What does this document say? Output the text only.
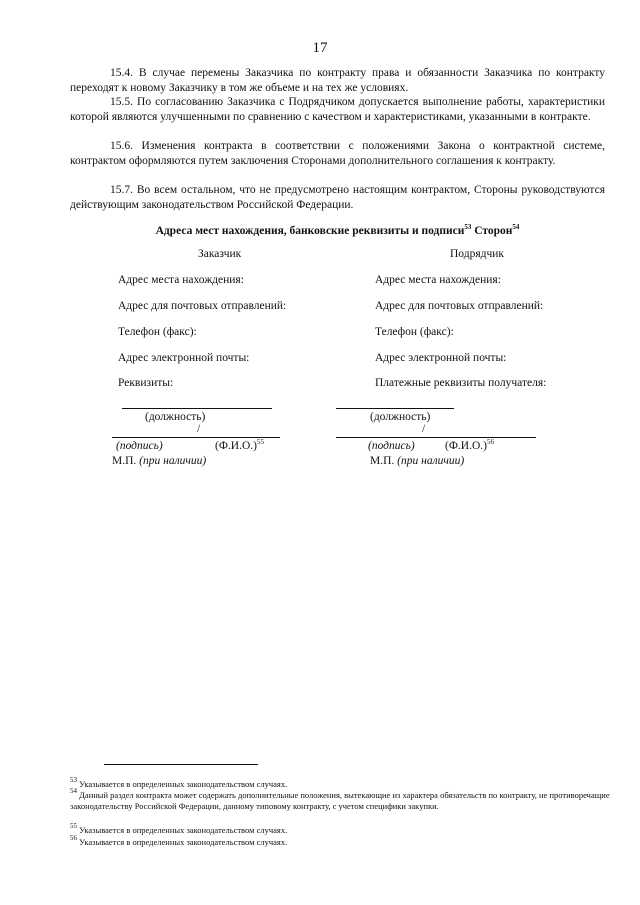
17
15.4. В случае перемены Заказчика по контракту права и обязанности Заказчика по контракту переходят к новому Заказчику в том же объеме и на тех же условиях.
15.5. По согласованию Заказчика с Подрядчиком допускается выполнение работы, характеристики которой являются улучшенными по сравнению с качеством и характеристиками, указанными в контракте.
15.6. Изменения контракта в соответствии с положениями Закона о контрактной системе, контрактом оформляются путем заключения Сторонами дополнительного соглашения к контракту.
15.7. Во всем остальном, что не предусмотрено настоящим контрактом, Стороны руководствуются действующим законодательством Российской Федерации.
Адреса мест нахождения, банковские реквизиты и подписи$^{53}$ Сторон$^{54}$
Заказчик
Адрес места нахождения:
Адрес для почтовых отправлений:
Телефон (факс):
Адрес электронной почты:
Реквизиты:
(должность)
/
(подпись)	$(Ф.И.О.)^{55}$
М.П. (при наличии)
Подрядчик
Адрес места нахождения:
Адрес для почтовых отправлений:
Телефон (факс):
Адрес электронной почты:
Платежные реквизиты получателя:
(должность)
/
(подпись)	$(Ф.И.О.)^{56}$
М.П. (при наличии)
$^{53}$ Указывается в определенных законодательством случаях.
$^{54}$ Данный раздел контракта может содержать дополнительные положения, вытекающие из характера обязательств по контракту, не противоречащие законодательству Российской Федерации, данному типовому контракту, с учетом специфики закупки.
$^{55}$ Указывается в определенных законодательством случаях.
$^{56}$ Указывается в определенных законодательством случаях.
